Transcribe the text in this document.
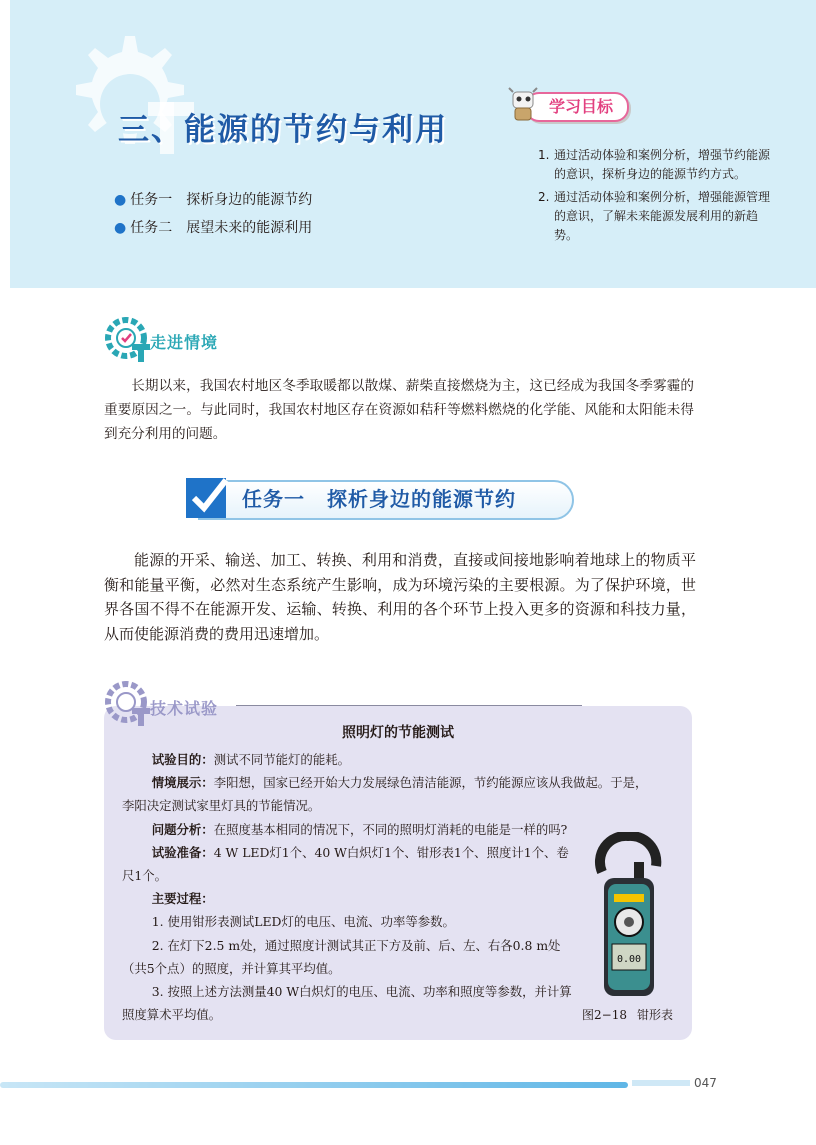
三、能源的节约与利用
● 任务一 探析身边的能源节约
● 任务二 展望未来的能源利用
学习目标
1. 通过活动体验和案例分析，增强节约能源的意识，探析身边的能源节约方式。
2. 通过活动体验和案例分析，增强能源管理的意识，了解未来能源发展利用的新趋势。
走进情境
长期以来，我国农村地区冬季取暖都以散煤、薪柴直接燃烧为主，这已经成为我国冬季雾霾的重要原因之一。与此同时，我国农村地区存在资源如秸秆等燃料燃烧的化学能、风能和太阳能未得到充分利用的问题。
任务一 探析身边的能源节约
能源的开采、输送、加工、转换、利用和消费，直接或间接地影响着地球上的物质平衡和能量平衡，必然对生态系统产生影响，成为环境污染的主要根源。为了保护环境，世界各国不得不在能源开发、运输、转换、利用的各个环节上投入更多的资源和科技力量，从而使能源消费的费用迅速增加。
技术试验
照明灯的节能测试

试验目的：测试不同节能灯的能耗。

情境展示：李阳想，国家已经开始大力发展绿色清洁能源，节约能源应该从我做起。于是，李阳决定测试家里灯具的节能情况。

问题分析：在照度基本相同的情况下，不同的照明灯消耗的电能是一样的吗?

试验准备：4 W LED灯1个、40 W白炽灯1个、钳形表1个、照度计1个、卷尺1个。

主要过程：

1. 使用钳形表测试LED灯的电压、电流、功率等参数。

2. 在灯下2.5 m处，通过照度计测试其正下方及前、后、左、右各0.8 m处（共5个点）的照度，并计算其平均值。

3. 按照上述方法测量40 W白炽灯的电压、电流、功率和照度等参数，并计算照度算术平均值。

0.00
图2−18 钳形表
047
